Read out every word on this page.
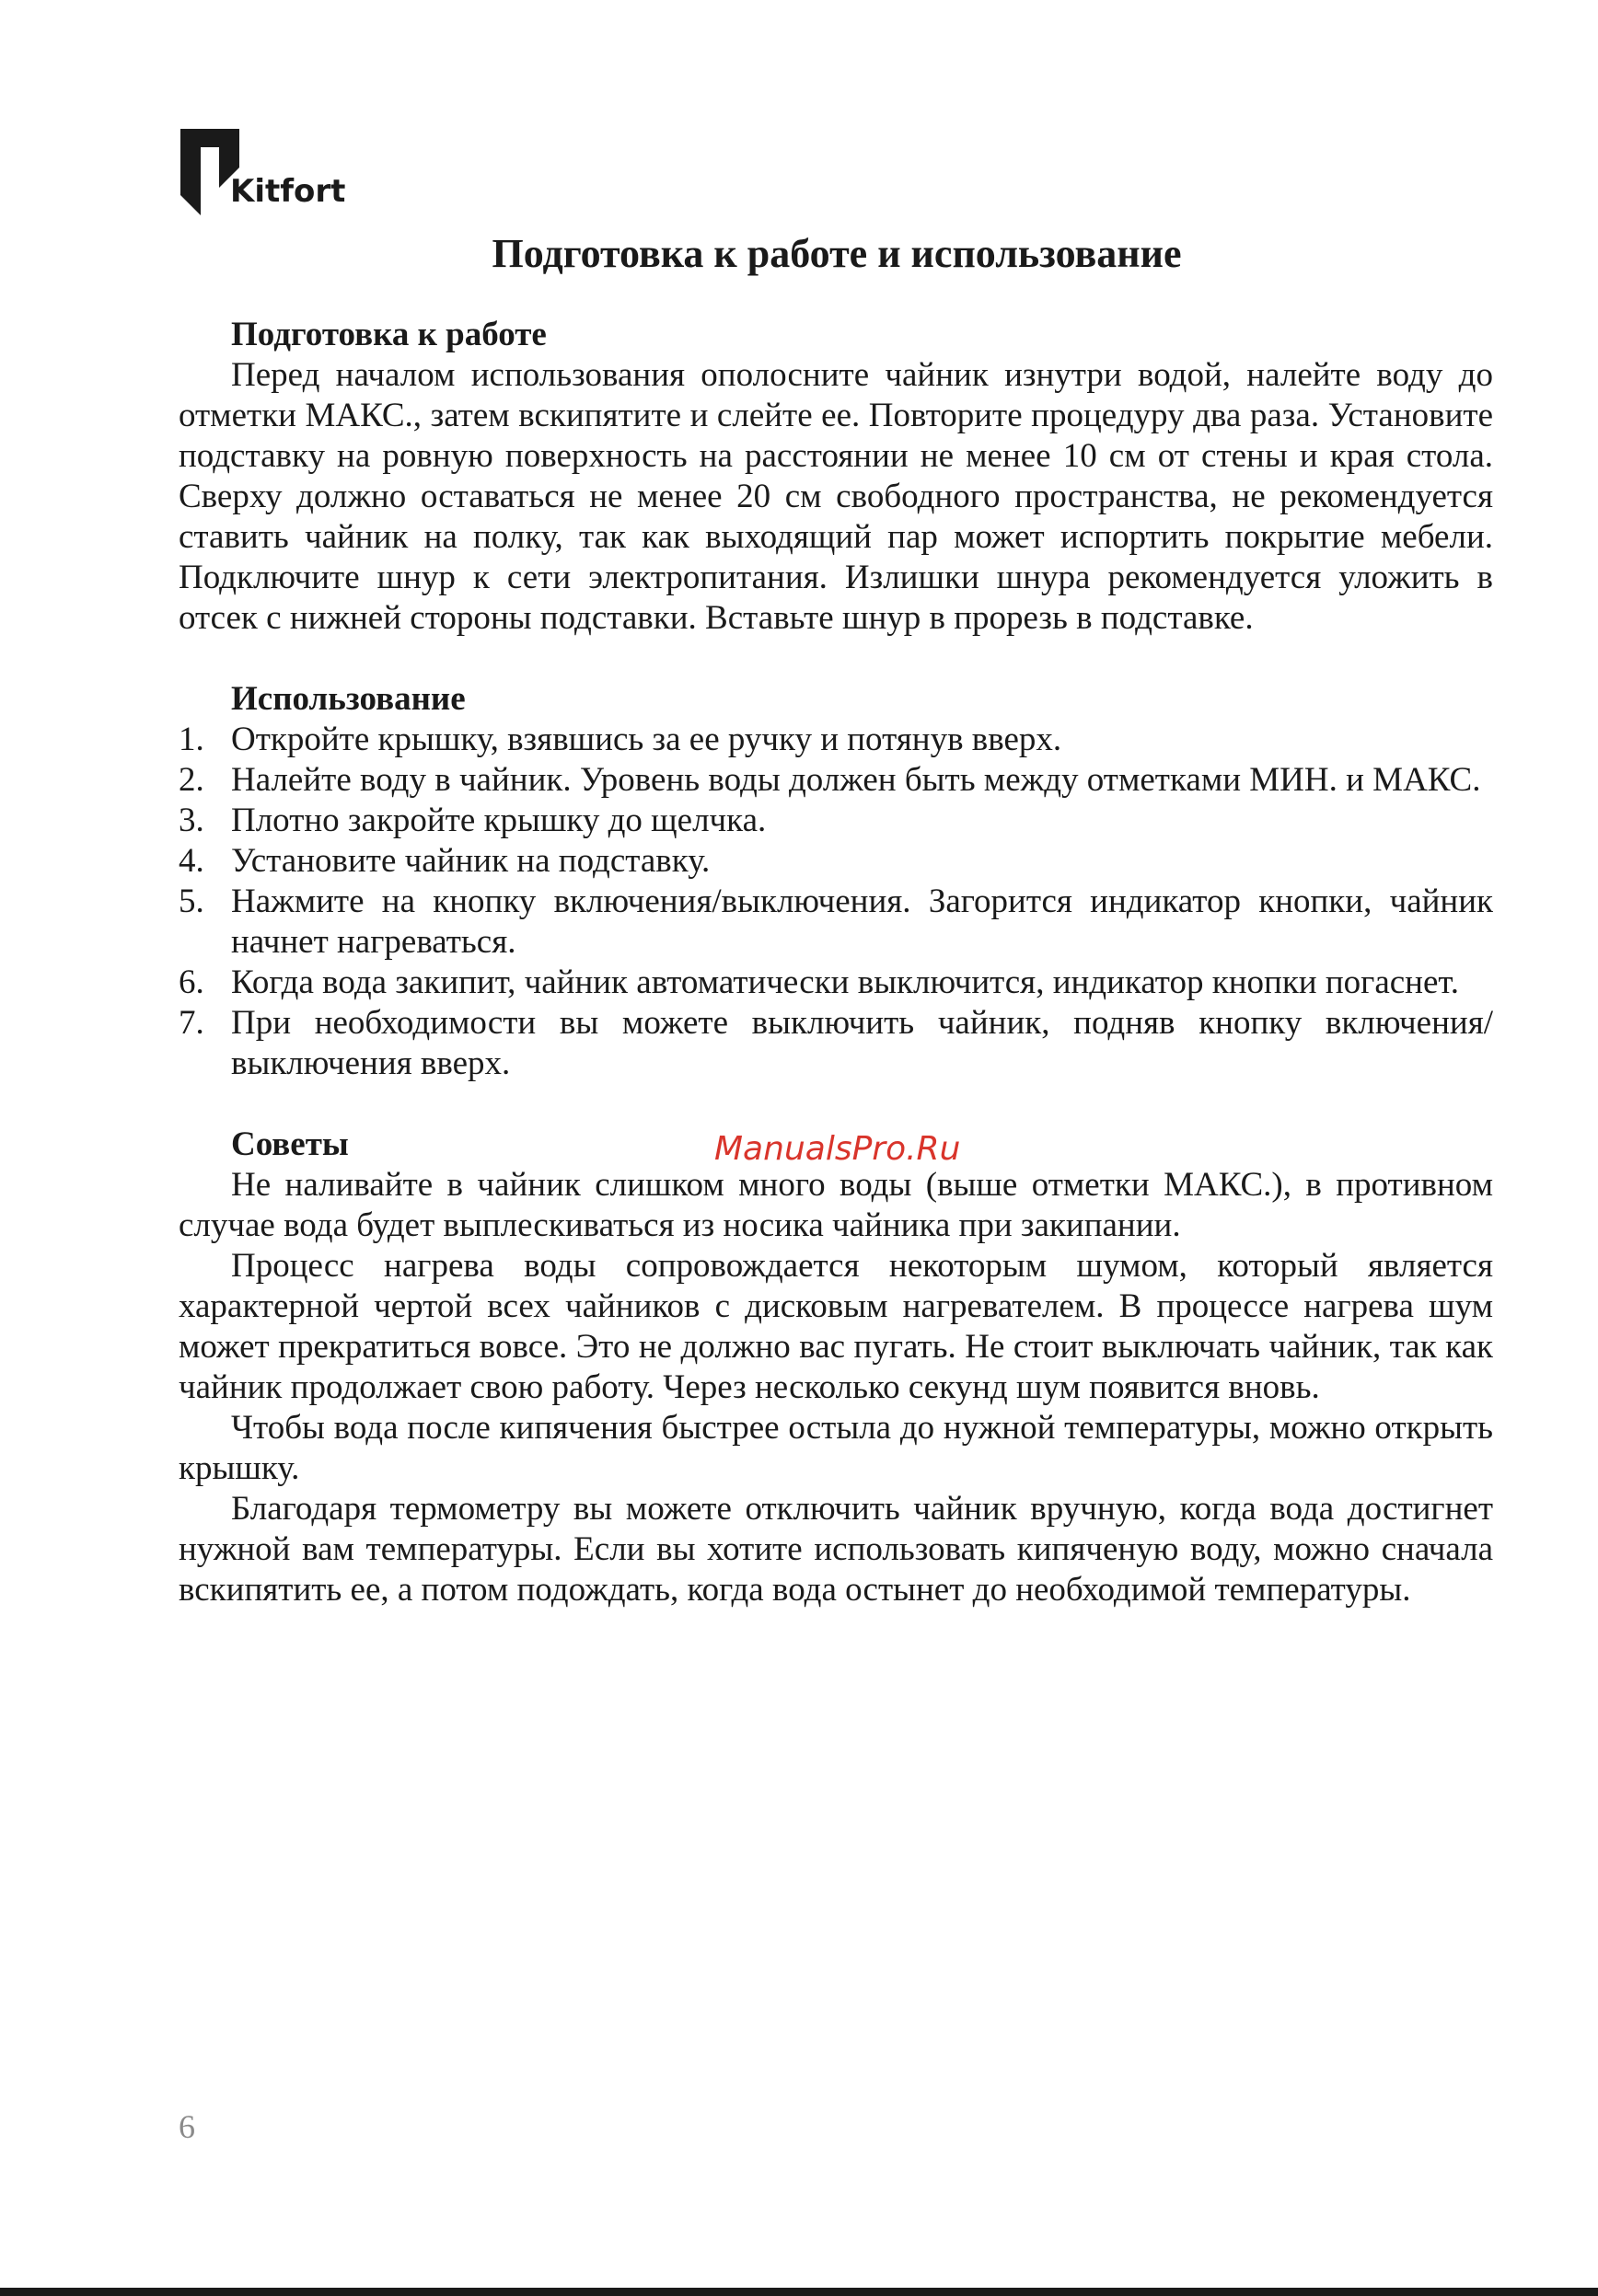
Kitfort
Подготовка к работе и использование

Подготовка к работе

Перед началом использования ополосните чайник изнутри водой, налейте воду до отметки МАКС., затем вскипятите и слейте ее. Повторите процедуру два раза. Установите подставку на ровную поверхность на расстоянии не менее 10 см от стены и края стола. Сверху должно оставаться не менее 20 см свободного пространства, не рекомендуется ставить чайник на полку, так как выходящий пар может испортить покрытие мебели. Подключите шнур к сети электропитания. Излишки шнура рекомендуется уложить в отсек с нижней стороны подставки. Вставьте шнур в прорезь в подставке.

Использование

1. Откройте крышку, взявшись за ее ручку и потянув вверх.
2. Налейте воду в чайник. Уровень воды должен быть между отметками МИН. и МАКС.
3. Плотно закройте крышку до щелчка.
4. Установите чайник на подставку.
5. Нажмите на кнопку включения/выключения. Загорится индикатор кнопки, чайник начнет нагреваться.
6. Когда вода закипит, чайник автоматически выключится, индикатор кнопки погаснет.
7. При необходимости вы можете выключить чайник, подняв кнопку включения/выключения вверх.

Советы

Не наливайте в чайник слишком много воды (выше отметки МАКС.), в противном случае вода будет выплескиваться из носика чайника при закипании.

Процесс нагрева воды сопровождается некоторым шумом, который является характерной чертой всех чайников с дисковым нагревателем. В процессе нагрева шум может прекратиться вовсе. Это не должно вас пугать. Не стоит выключать чайник, так как чайник продолжает свою работу. Через несколько секунд шум появится вновь.

Чтобы вода после кипячения быстрее остыла до нужной температуры, можно открыть крышку.

Благодаря термометру вы можете отключить чайник вручную, когда вода достигнет нужной вам температуры. Если вы хотите использовать кипяченую воду, можно сначала вскипятить ее, а потом подождать, когда вода остынет до необходимой температуры.

ManualsPro.Ru
6
